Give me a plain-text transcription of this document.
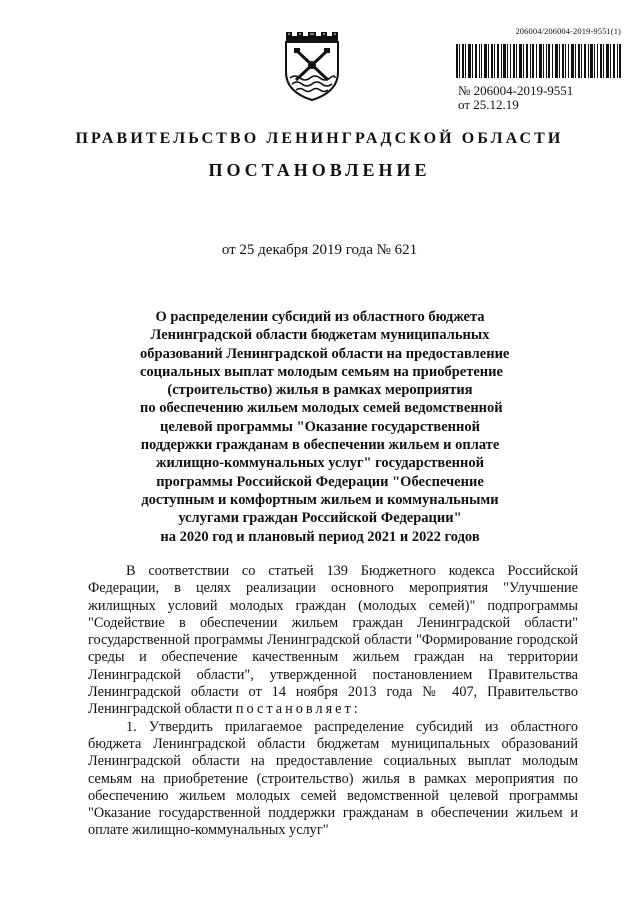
206004/206004-2019-9551(1)
№ 206004-2019-9551
от 25.12.19
ПРАВИТЕЛЬСТВО ЛЕНИНГРАДСКОЙ ОБЛАСТИ
ПОСТАНОВЛЕНИЕ
от 25 декабря 2019 года № 621
О распределении субсидий из областного бюджета
Ленинградской области бюджетам муниципальных
образований Ленинградской области на предоставление
социальных выплат молодым семьям на приобретение
(строительство) жилья в рамках мероприятия
по обеспечению жильем молодых семей ведомственной
целевой программы "Оказание государственной
поддержки гражданам в обеспечении жильем и оплате
жилищно-коммунальных услуг" государственной
программы Российской Федерации "Обеспечение
доступным и комфортным жильем и коммунальными
услугами граждан Российской Федерации"
на 2020 год и плановый период 2021 и 2022 годов

В соответствии со статьей 139 Бюджетного кодекса Российской Федерации, в целях реализации основного мероприятия "Улучшение жилищных условий молодых граждан (молодых семей)" подпрограммы "Содействие в обеспечении жильем граждан Ленинградской области" государственной программы Ленинградской области "Формирование городской среды и обеспечение качественным жильем граждан на территории Ленинградской области", утвержденной постановлением Правительства Ленинградской области от 14 ноября 2013 года № 407, Правительство Ленинградской области постановляет:

1. Утвердить прилагаемое распределение субсидий из областного бюджета Ленинградской области бюджетам муниципальных образований Ленинградской области на предоставление социальных выплат молодым семьям на приобретение (строительство) жилья в рамках мероприятия по обеспечению жильем молодых семей ведомственной целевой программы "Оказание государственной поддержки гражданам в обеспечении жильем и оплате жилищно-коммунальных услуг"
